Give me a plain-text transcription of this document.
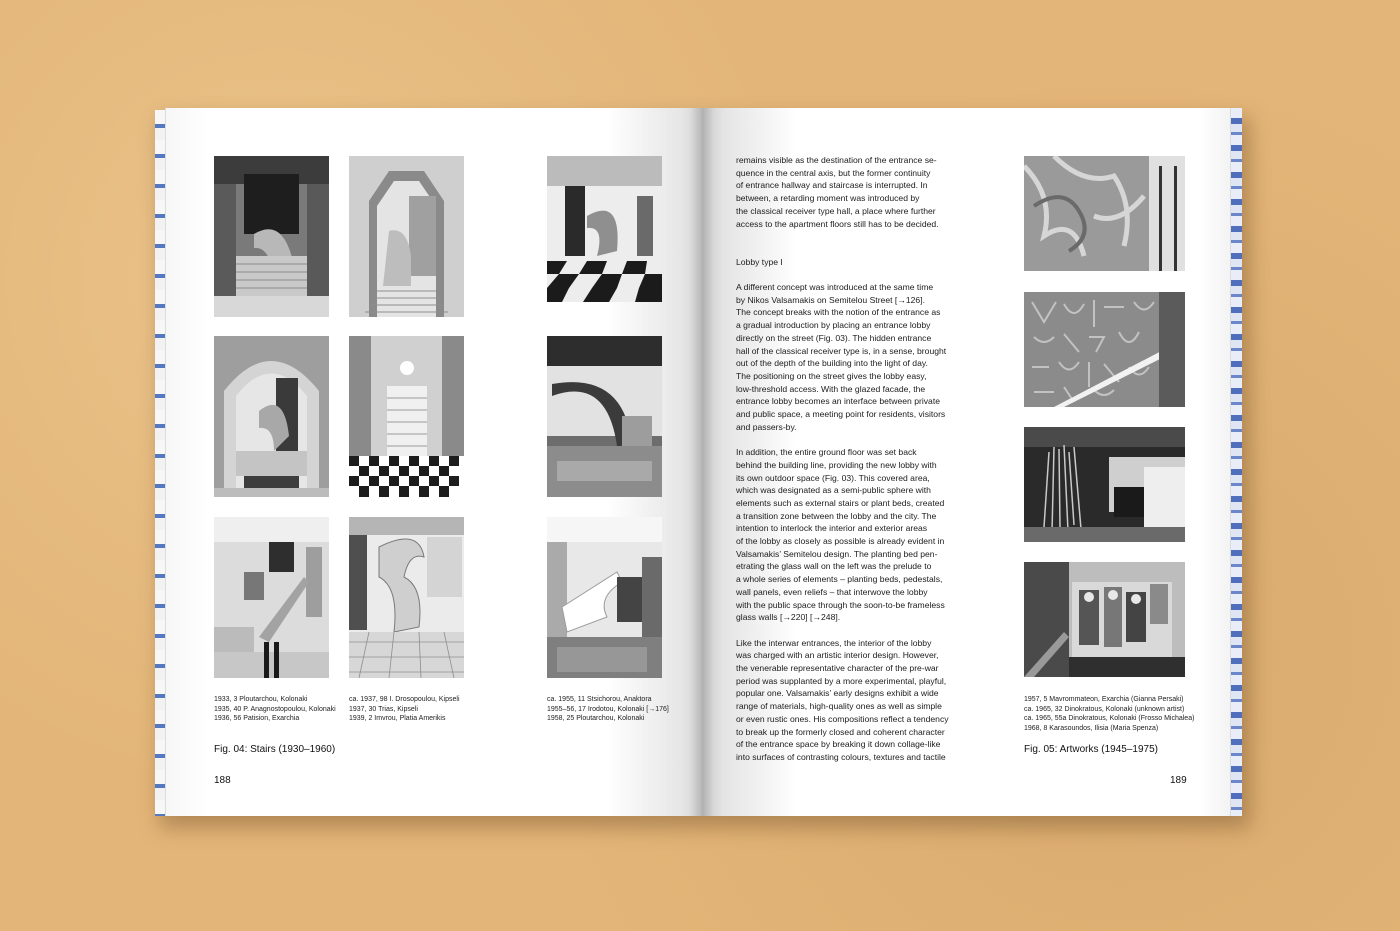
1933, 3 Ploutarchou, Kolonaki
1935, 40 P. Anagnostopoulou, Kolonaki
1936, 56 Patision, Exarchia
ca. 1937, 98 I. Drosopoulou, Kipseli
1937, 30 Trias, Kipseli
1939, 2 Imvrou, Platia Amerikis
ca. 1955, 11 Stsichorou, Anaktora
1955–56, 17 Irodotou, Kolonaki [→176]
1958, 25 Ploutarchou, Kolonaki
Fig. 04: Stairs (1930–1960)
188

remains visible as the destination of the entrance se-
quence in the central axis, but the former continuity
of entrance hallway and staircase is interrupted. In
between, a retarding moment was introduced by
the classical receiver type hall, a place where further
access to the apartment floors still has to be decided.

Lobby type I

A different concept was introduced at the same time
by Nikos Valsamakis on Semitelou Street [→126].
The concept breaks with the notion of the entrance as
a gradual introduction by placing an entrance lobby
directly on the street (Fig. 03). The hidden entrance
hall of the classical receiver type is, in a sense, brought
out of the depth of the building into the light of day.
The positioning on the street gives the lobby easy,
low-threshold access. With the glazed facade, the
entrance lobby becomes an interface between private
and public space, a meeting point for residents, visitors
and passers-by.

In addition, the entire ground floor was set back
behind the building line, providing the new lobby with
its own outdoor space (Fig. 03). This covered area,
which was designated as a semi-public sphere with
elements such as external stairs or plant beds, created
a transition zone between the lobby and the city. The
intention to interlock the interior and exterior areas
of the lobby as closely as possible is already evident in
Valsamakis’ Semitelou design. The planting bed pen-
etrating the glass wall on the left was the prelude to
a whole series of elements – planting beds, pedestals,
wall panels, even reliefs – that interwove the lobby
with the public space through the soon-to-be frameless
glass walls [→220] [→248].

Like the interwar entrances, the interior of the lobby
was charged with an artistic interior design. However,
the venerable representative character of the pre-war
period was supplanted by a more experimental, playful,
popular one. Valsamakis’ early designs exhibit a wide
range of materials, high-quality ones as well as simple
or even rustic ones. His compositions reflect a tendency
to break up the formerly closed and coherent character
of the entrance space by breaking it down collage-like
into surfaces of contrasting colours, textures and tactile

1957, 5 Mavrommateon, Exarchia (Gianna Persaki)
ca. 1965, 32 Dinokratous, Kolonaki (unknown artist)
ca. 1965, 55a Dinokratous, Kolonaki (Frosso Michalea)
1968, 8 Karasoundos, Ilisia (Maria Spenza)
Fig. 05: Artworks (1945–1975)
189
